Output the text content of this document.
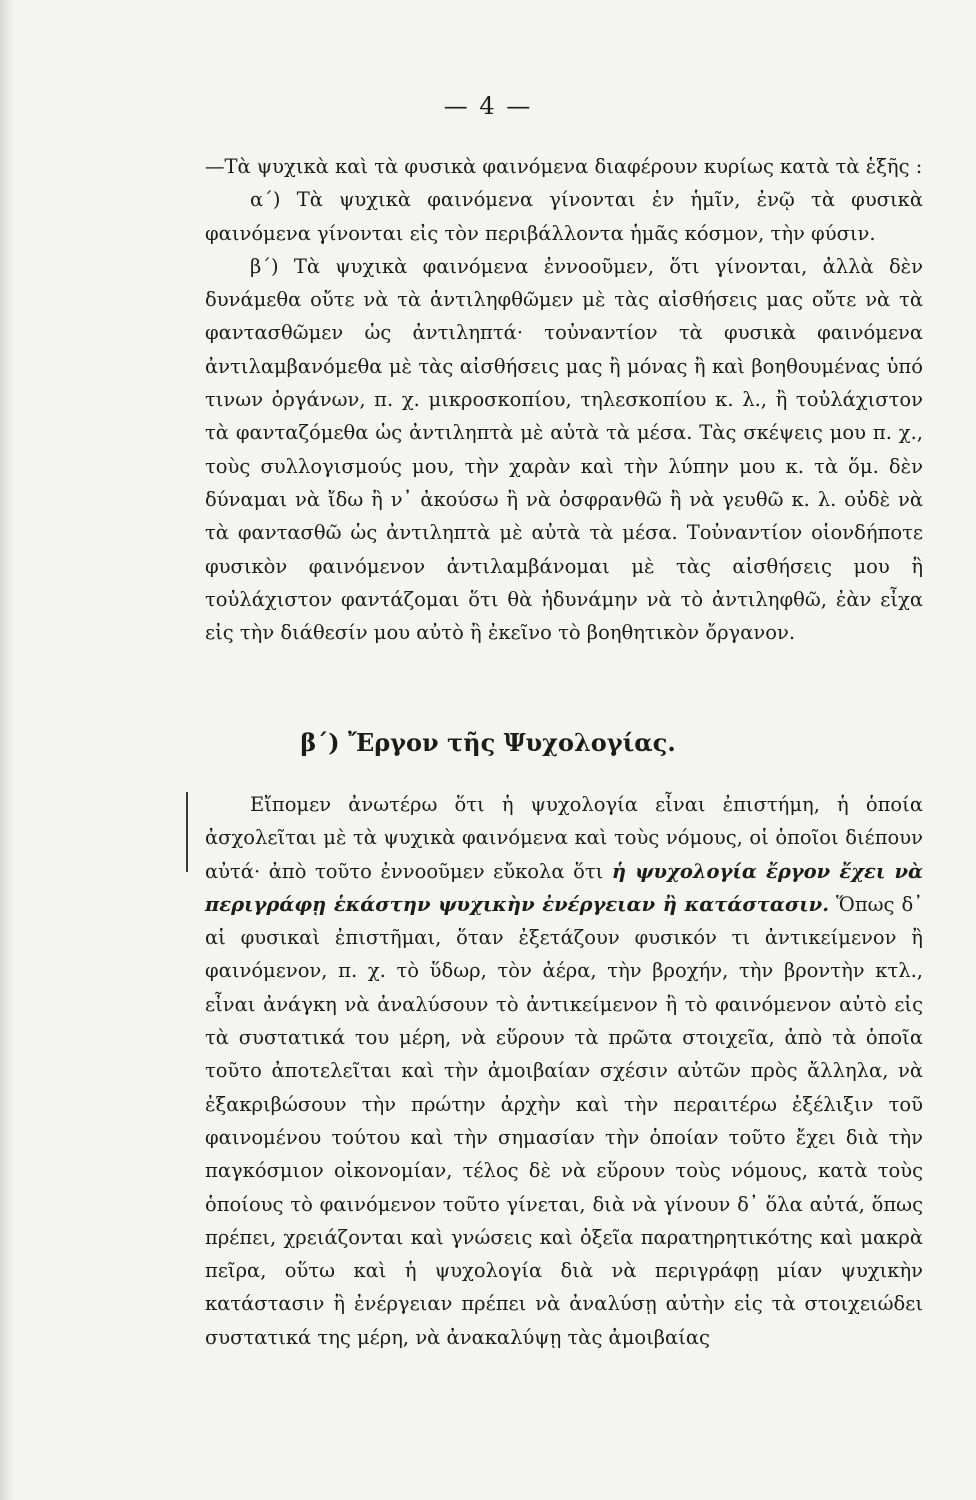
— 4 —

—Τὰ ψυχικὰ καὶ τὰ φυσικὰ φαινόμενα διαφέρουν κυρίως κατὰ τὰ ἑξῆς :

α΄) Τὰ ψυχικὰ φαινόμενα γίνονται ἐν ἡμῖν, ἐνῷ τὰ φυσικὰ φαινόμενα γίνονται εἰς τὸν περιβάλλοντα ἡμᾶς κόσμον, τὴν φύσιν.

β΄) Τὰ ψυχικὰ φαινόμενα ἐννοοῦμεν, ὅτι γίνονται, ἀλλὰ δὲν δυνάμεθα οὔτε νὰ τὰ ἀντιληφθῶμεν μὲ τὰς αἰσθήσεις μας οὔτε νὰ τὰ φαντασθῶμεν ὡς ἀντιληπτά· τοὐναντίον τὰ φυσικὰ φαινόμενα ἀντιλαμβανόμεθα μὲ τὰς αἰσθήσεις μας ἢ μόνας ἢ καὶ βοηθουμένας ὑπό τινων ὀργάνων, π. χ. μικροσκοπίου, τηλεσκοπίου κ. λ., ἢ τοὐλάχιστον τὰ φανταζόμεθα ὡς ἀντιληπτὰ μὲ αὐτὰ τὰ μέσα. Τὰς σκέψεις μου π. χ., τοὺς συλλογισμούς μου, τὴν χαρὰν καὶ τὴν λύπην μου κ. τὰ ὅμ. δὲν δύναμαι νὰ ἴδω ἢ ν᾽ ἀκούσω ἢ νὰ ὀσφρανθῶ ἢ νὰ γευθῶ κ. λ. οὐδὲ νὰ τὰ φαντασθῶ ὡς ἀντιληπτὰ μὲ αὐτὰ τὰ μέσα. Τοὐναντίον οἱονδήποτε φυσικὸν φαινόμενον ἀντιλαμβάνομαι μὲ τὰς αἰσθήσεις μου ἢ τοὐλάχιστον φαντάζομαι ὅτι θὰ ἠδυνάμην νὰ τὸ ἀντιληφθῶ, ἐὰν εἶχα εἰς τὴν διάθεσίν μου αὐτὸ ἢ ἐκεῖνο τὸ βοηθητικὸν ὄργανον.

β΄) Ἔργον τῆς Ψυχολογίας.

Εἴπομεν ἀνωτέρω ὅτι ἡ ψυχολογία εἶναι ἐπιστήμη, ἡ ὁποία ἀσχολεῖται μὲ τὰ ψυχικὰ φαινόμενα καὶ τοὺς νόμους, οἱ ὁποῖοι διέπουν αὐτά· ἀπὸ τοῦτο ἐννοοῦμεν εὔκολα ὅτι ἡ ψυχολογία ἔργον ἔχει νὰ περιγράφῃ ἑκάστην ψυχικὴν ἐνέργειαν ἢ κατάστασιν. Ὅπως δ᾽ αἱ φυσικαὶ ἐπιστῆμαι, ὅταν ἐξετάζουν φυσικόν τι ἀντικείμενον ἢ φαινόμενον, π. χ. τὸ ὕδωρ, τὸν ἀέρα, τὴν βροχήν, τὴν βροντὴν κτλ., εἶναι ἀνάγκη νὰ ἀναλύσουν τὸ ἀντικείμενον ἢ τὸ φαινόμενον αὐτὸ εἰς τὰ συστατικά του μέρη, νὰ εὕρουν τὰ πρῶτα στοιχεῖα, ἀπὸ τὰ ὁποῖα τοῦτο ἀποτελεῖται καὶ τὴν ἀμοιβαίαν σχέσιν αὐτῶν πρὸς ἄλληλα, νὰ ἐξακριβώσουν τὴν πρώτην ἀρχὴν καὶ τὴν περαιτέρω ἐξέλιξιν τοῦ φαινομένου τούτου καὶ τὴν σημασίαν τὴν ὁποίαν τοῦτο ἔχει διὰ τὴν παγκόσμιον οἰκονομίαν, τέλος δὲ νὰ εὕρουν τοὺς νόμους, κατὰ τοὺς ὁποίους τὸ φαινόμενον τοῦτο γίνεται, διὰ νὰ γίνουν δ᾽ ὅλα αὐτά, ὅπως πρέπει, χρειάζονται καὶ γνώσεις καὶ ὀξεῖα παρατηρητικότης καὶ μακρὰ πεῖρα, οὕτω καὶ ἡ ψυχολογία διὰ νὰ περιγράφῃ μίαν ψυχικὴν κατάστασιν ἢ ἐνέργειαν πρέπει νὰ ἀναλύσῃ αὐτὴν εἰς τὰ στοιχειώδει συστατικά της μέρη, νὰ ἀνακαλύψῃ τὰς ἀμοιβαίας
